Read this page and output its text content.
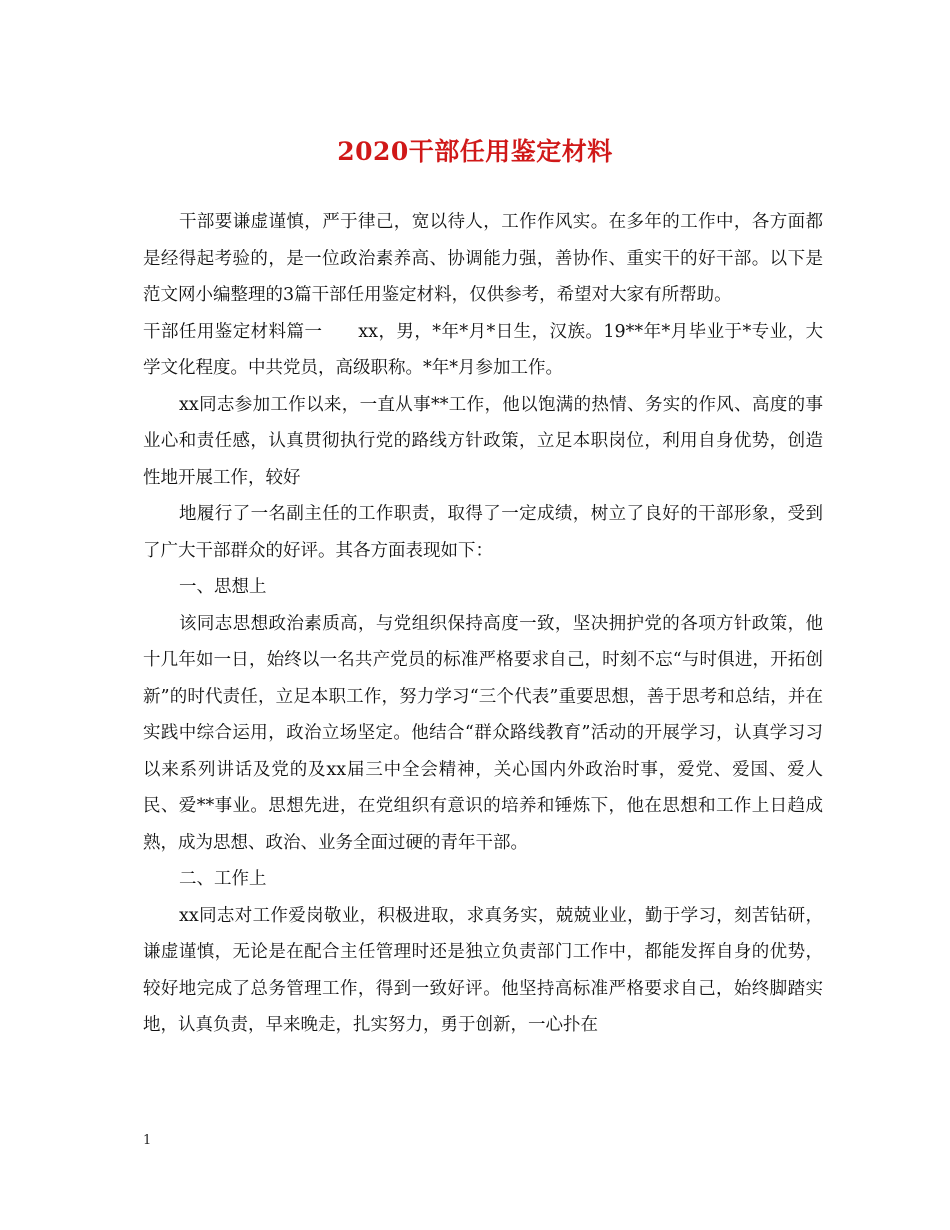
2020干部任用鉴定材料

干部要谦虚谨慎，严于律己，宽以待人，工作作风实。在多年的工作中，各方面都是经得起考验的，是一位政治素养高、协调能力强，善协作、重实干的好干部。以下是范文网小编整理的3篇干部任用鉴定材料，仅供参考，希望对大家有所帮助。

干部任用鉴定材料篇一　　xx，男，*年*月*日生，汉族。19**年*月毕业于*专业，大学文化程度。中共党员，高级职称。*年*月参加工作。

xx同志参加工作以来，一直从事**工作，他以饱满的热情、务实的作风、高度的事业心和责任感，认真贯彻执行党的路线方针政策，立足本职岗位，利用自身优势，创造性地开展工作，较好

地履行了一名副主任的工作职责，取得了一定成绩，树立了良好的干部形象，受到了广大干部群众的好评。其各方面表现如下：

一、思想上

该同志思想政治素质高，与党组织保持高度一致，坚决拥护党的各项方针政策，他十几年如一日，始终以一名共产党员的标准严格要求自己，时刻不忘“与时俱进，开拓创新”的时代责任，立足本职工作，努力学习“三个代表”重要思想，善于思考和总结，并在实践中综合运用，政治立场坚定。他结合“群众路线教育”活动的开展学习，认真学习习以来系列讲话及党的及xx届三中全会精神，关心国内外政治时事，爱党、爱国、爱人民、爱**事业。思想先进，在党组织有意识的培养和锤炼下，他在思想和工作上日趋成熟，成为思想、政治、业务全面过硬的青年干部。

二、工作上

xx同志对工作爱岗敬业，积极进取，求真务实，兢兢业业，勤于学习，刻苦钻研，谦虚谨慎，无论是在配合主任管理时还是独立负责部门工作中，都能发挥自身的优势，较好地完成了总务管理工作，得到一致好评。他坚持高标准严格要求自己，始终脚踏实地，认真负责，早来晚走，扎实努力，勇于创新，一心扑在

1
